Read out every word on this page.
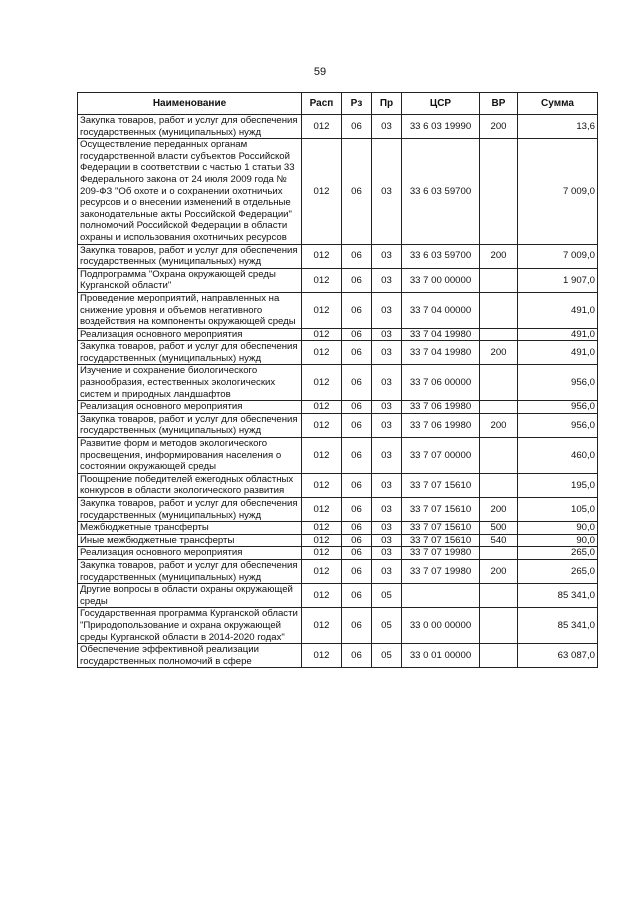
59
Наименование	Расп	Рз	Пр	ЦСР	ВР	Сумма
Закупка товаров, работ и услуг для обеспечения государственных (муниципальных) нужд	012	06	03	33 6 03 19990	200	13,6
Осуществление переданных органам государственной власти субъектов Российской Федерации в соответствии с частью 1 статьи 33 Федерального закона от 24 июля 2009 года № 209-ФЗ "Об охоте и о сохранении охотничьих ресурсов и о внесении изменений в отдельные законодательные акты Российской Федерации" полномочий Российской Федерации в области охраны и использования охотничьих ресурсов	012	06	03	33 6 03 59700		7 009,0
Закупка товаров, работ и услуг для обеспечения государственных (муниципальных) нужд	012	06	03	33 6 03 59700	200	7 009,0
Подпрограмма "Охрана окружающей среды Курганской области"	012	06	03	33 7 00 00000		1 907,0
Проведение мероприятий, направленных на снижение уровня и объемов негативного воздействия на компоненты окружающей среды	012	06	03	33 7 04 00000		491,0
Реализация основного мероприятия	012	06	03	33 7 04 19980		491,0
Закупка товаров, работ и услуг для обеспечения государственных (муниципальных) нужд	012	06	03	33 7 04 19980	200	491,0
Изучение и сохранение биологического разнообразия, естественных экологических систем и природных ландшафтов	012	06	03	33 7 06 00000		956,0
Реализация основного мероприятия	012	06	03	33 7 06 19980		956,0
Закупка товаров, работ и услуг для обеспечения государственных (муниципальных) нужд	012	06	03	33 7 06 19980	200	956,0
Развитие форм и методов экологического просвещения, информирования населения о состоянии окружающей среды	012	06	03	33 7 07 00000		460,0
Поощрение победителей ежегодных областных конкурсов в области экологического развития	012	06	03	33 7 07 15610		195,0
Закупка товаров, работ и услуг для обеспечения государственных (муниципальных) нужд	012	06	03	33 7 07 15610	200	105,0
Межбюджетные трансферты	012	06	03	33 7 07 15610	500	90,0
Иные межбюджетные трансферты	012	06	03	33 7 07 15610	540	90,0
Реализация основного мероприятия	012	06	03	33 7 07 19980		265,0
Закупка товаров, работ и услуг для обеспечения государственных (муниципальных) нужд	012	06	03	33 7 07 19980	200	265,0
Другие вопросы в области охраны окружающей среды	012	06	05			85 341,0
Государственная программа Курганской области "Природопользование и охрана окружающей среды Курганской области в 2014-2020 годах"	012	06	05	33 0 00 00000		85 341,0
Обеспечение эффективной реализации государственных полномочий в сфере	012	06	05	33 0 01 00000		63 087,0
